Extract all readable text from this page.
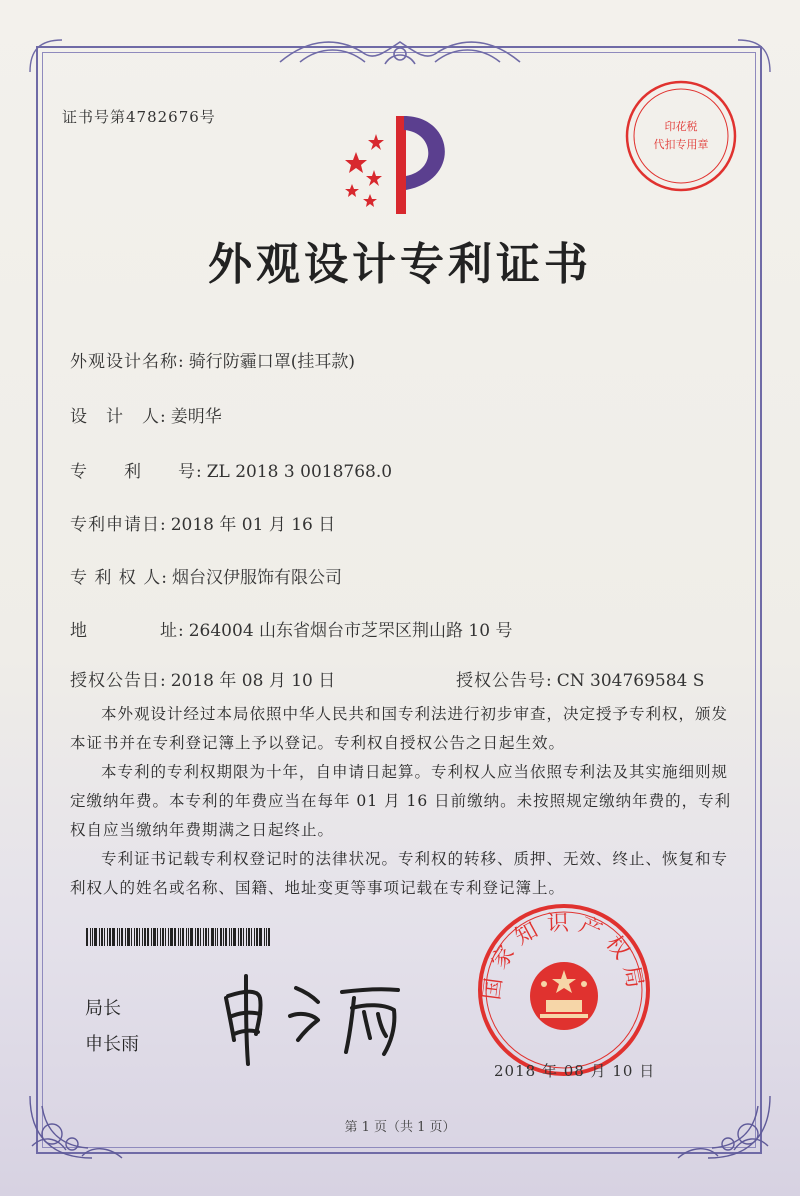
证书号第4782676号
印花税
代扣专用章
外观设计专利证书
外观设计名称: 骑行防霾口罩(挂耳款)
设　计　人: 姜明华
专　　利　　号: ZL 2018 3 0018768.0
专利申请日: 2018 年 01 月 16 日
专 利 权 人: 烟台汉伊服饰有限公司
地　　　　址: 264004 山东省烟台市芝罘区荆山路 10 号
授权公告日: 2018 年 08 月 10 日	授权公告号: CN 304769584 S

本外观设计经过本局依照中华人民共和国专利法进行初步审查，决定授予专利权，颁发本证书并在专利登记簿上予以登记。专利权自授权公告之日起生效。

本专利的专利权期限为十年，自申请日起算。专利权人应当依照专利法及其实施细则规定缴纳年费。本专利的年费应当在每年 01 月 16 日前缴纳。未按照规定缴纳年费的，专利权自应当缴纳年费期满之日起终止。

专利证书记载专利权登记时的法律状况。专利权的转移、质押、无效、终止、恢复和专利权人的姓名或名称、国籍、地址变更等事项记载在专利登记簿上。

局长
申长雨
国家知识产权局
2018 年 08 月 10 日
第 1 页（共 1 页）
